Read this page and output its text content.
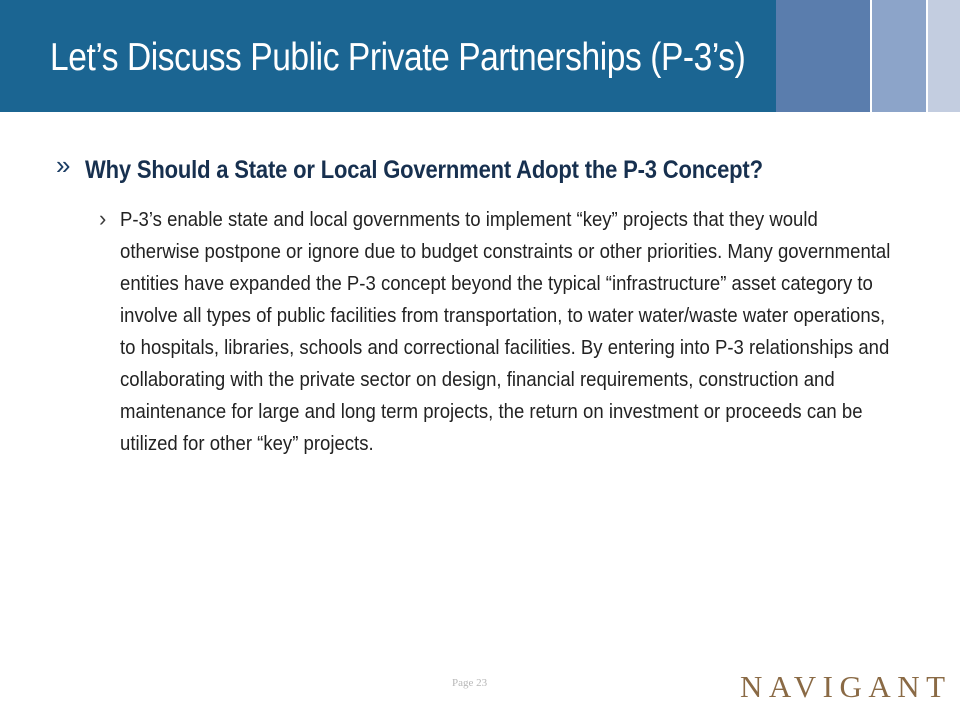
Let’s Discuss Public Private Partnerships (P-3’s)
» Why Should a State or Local Government Adopt the P-3 Concept?
› P-3’s enable state and local governments to implement “key” projects that they would otherwise postpone or ignore due to budget constraints or other priorities. Many governmental entities have expanded the P-3 concept beyond the typical “infrastructure” asset category to involve all types of public facilities from transportation, to water water/waste water operations, to hospitals, libraries, schools and correctional facilities. By entering into P-3 relationships and collaborating with the private sector on design, financial requirements, construction and maintenance for large and long term projects, the return on investment or proceeds can be utilized for other “key” projects.

Page 23	NAVIGANT
